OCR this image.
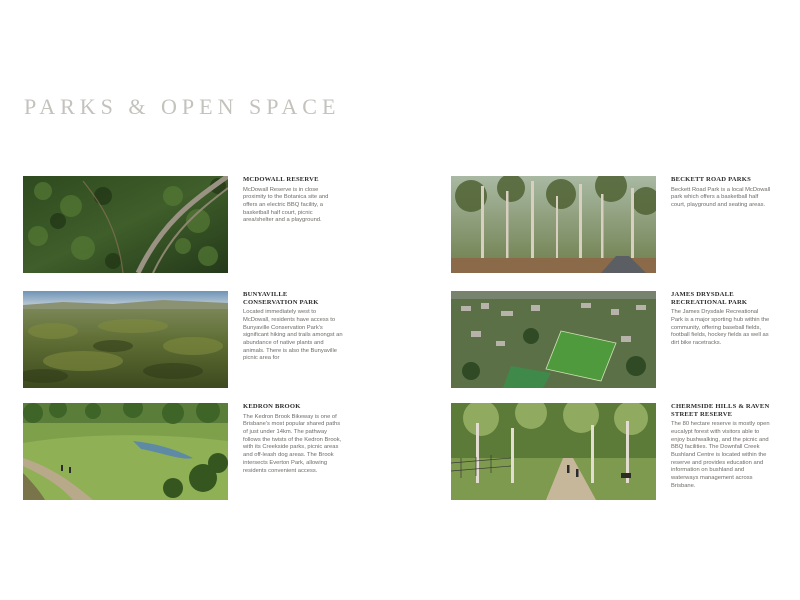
PARKS & OPEN SPACE
MCDOWALL RESERVE
McDowall Reserve is in close proximity to the Botanica site and offers an electric BBQ facility, a basketball half court, picnic area/shelter and a playground.
BUNYAVILLE CONSERVATION PARK
Located immediately west to McDowall, residents have access to Bunyaville Conservation Park's significant hiking and trails amongst an abundance of native plants and animals. There is also the Bunyaville picnic area for
KEDRON BROOK
The Kedron Brook Bikeway is one of Brisbane's most popular shared paths of just under 14km. The pathway follows the twists of the Kedron Brook, with its Creekside parks, picnic areas and off-leash dog areas. The Brook intersects Everton Park, allowing residents convenient access.
BECKETT ROAD PARKS
Beckett Road Park is a local McDowall park which offers a basketball half court, playground and seating areas.
JAMES DRYSDALE RECREATIONAL PARK
The James Drysdale Recreational Park is a major sporting hub within the community, offering baseball fields, football fields, hockey fields as well as dirt bike racetracks.
CHERMSIDE HILLS & RAVEN STREET RESERVE
The 80 hectare reserve is mostly open eucalypt forest with visitors able to enjoy bushwalking, and the picnic and BBQ facilities. The Downfall Creek Bushland Centre is located within the reserve and provides education and information on bushland and waterways management across Brisbane.
